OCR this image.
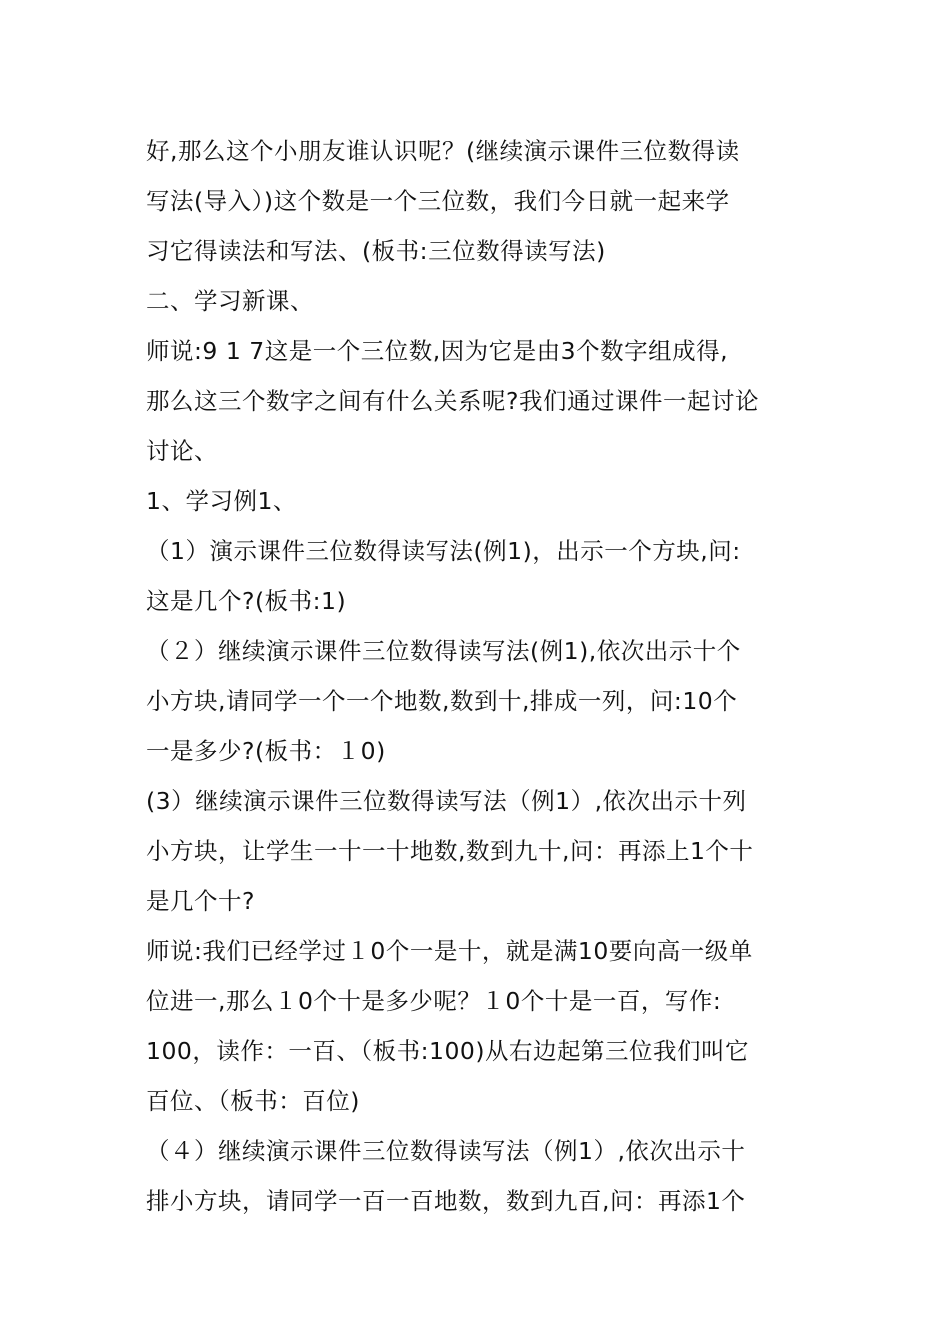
好,那么这个小朋友谁认识呢？(继续演示课件三位数得读
写法(导入）)这个数是一个三位数，我们今日就一起来学
习它得读法和写法、(板书:三位数得读写法)
二、学习新课、
师说:9 1 7这是一个三位数,因为它是由3个数字组成得,
那么这三个数字之间有什么关系呢?我们通过课件一起讨论
讨论、
1、学习例1、
（1）演示课件三位数得读写法(例1)，出示一个方块,问:
这是几个?(板书:1)
（２）继续演示课件三位数得读写法(例1),依次出示十个
小方块,请同学一个一个地数,数到十,排成一列，问:10个
一是多少?(板书：１0)
(3）继续演示课件三位数得读写法（例1）,依次出示十列
小方块，让学生一十一十地数,数到九十,问：再添上1个十
是几个十?
师说:我们已经学过１0个一是十，就是满10要向高一级单
位进一,那么１0个十是多少呢？１0个十是一百，写作:
100，读作：一百、（板书:100)从右边起第三位我们叫它
百位、（板书：百位)
（４）继续演示课件三位数得读写法（例1）,依次出示十
排小方块，请同学一百一百地数，数到九百,问：再添1个
